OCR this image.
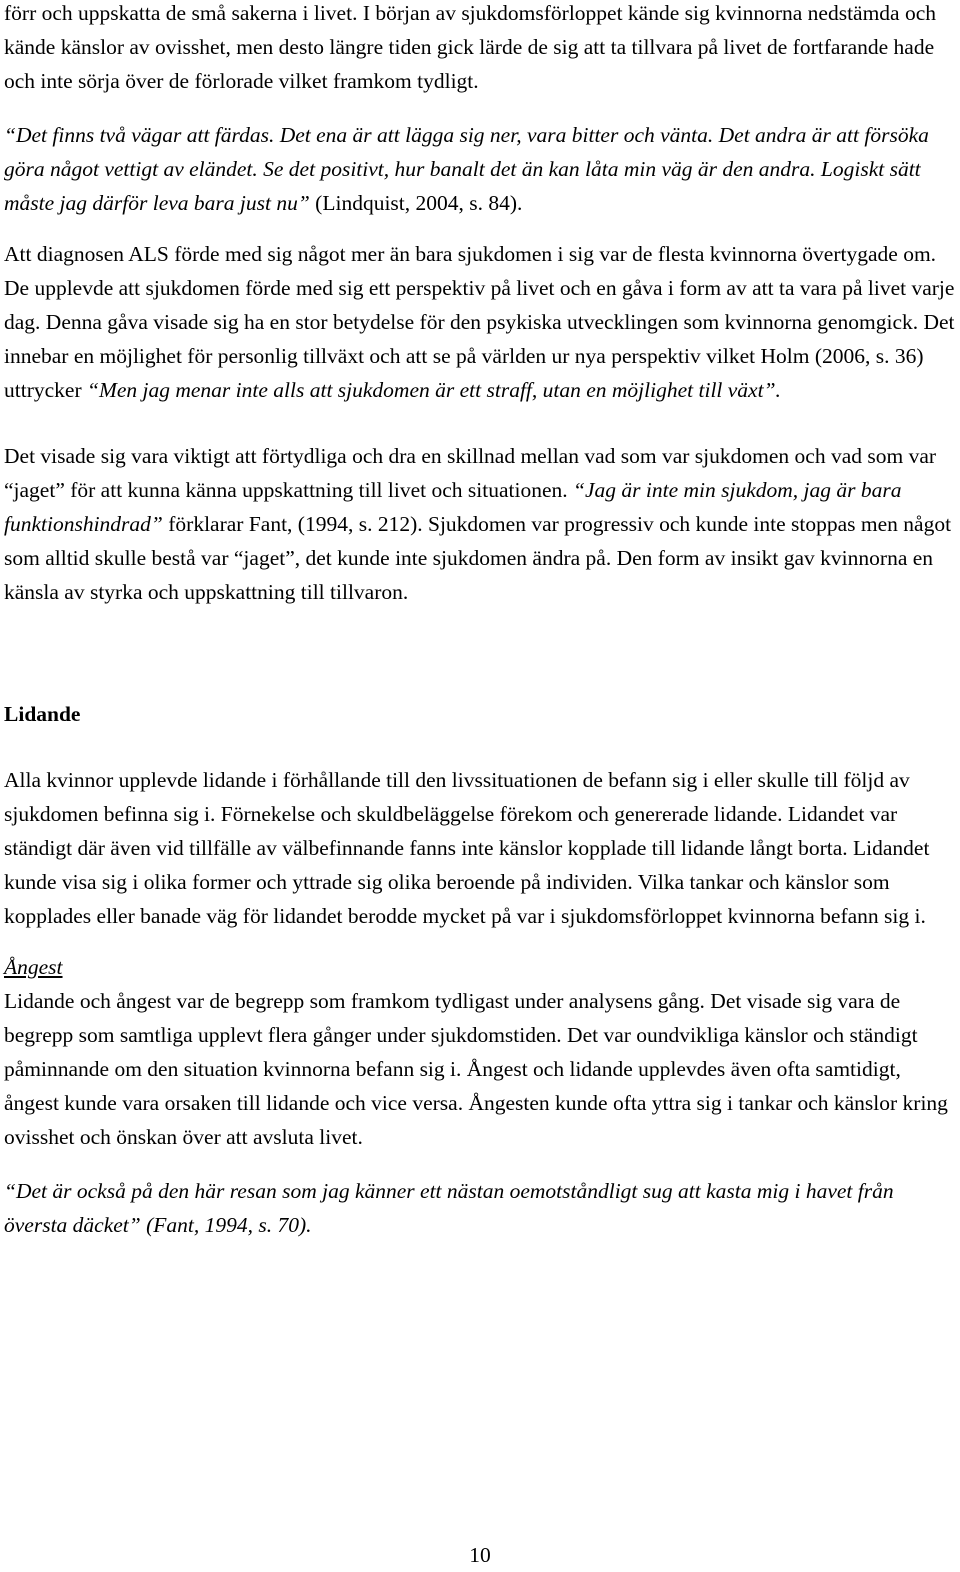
förr och uppskatta de små sakerna i livet. I början av sjukdomsförloppet kände sig kvinnorna nedstämda och kände känslor av ovisshet, men desto längre tiden gick lärde de sig att ta tillvara på livet de fortfarande hade och inte sörja över de förlorade vilket framkom tydligt.

“Det finns två vägar att färdas. Det ena är att lägga sig ner, vara bitter och vänta. Det andra är att försöka göra något vettigt av eländet. Se det positivt, hur banalt det än kan låta min väg är den andra. Logiskt sätt måste jag därför leva bara just nu” (Lindquist, 2004, s. 84).

Att diagnosen ALS förde med sig något mer än bara sjukdomen i sig var de flesta kvinnorna övertygade om. De upplevde att sjukdomen förde med sig ett perspektiv på livet och en gåva i form av att ta vara på livet varje dag. Denna gåva visade sig ha en stor betydelse för den psykiska utvecklingen som kvinnorna genomgick. Det innebar en möjlighet för personlig tillväxt och att se på världen ur nya perspektiv vilket Holm (2006, s. 36) uttrycker “Men jag menar inte alls att sjukdomen är ett straff, utan en möjlighet till växt”.

Det visade sig vara viktigt att förtydliga och dra en skillnad mellan vad som var sjukdomen och vad som var “jaget” för att kunna känna uppskattning till livet och situationen. “Jag är inte min sjukdom, jag är bara funktionshindrad” förklarar Fant, (1994, s. 212). Sjukdomen var progressiv och kunde inte stoppas men något som alltid skulle bestå var “jaget”, det kunde inte sjukdomen ändra på. Den form av insikt gav kvinnorna en känsla av styrka och uppskattning till tillvaron.

Lidande

Alla kvinnor upplevde lidande i förhållande till den livssituationen de befann sig i eller skulle till följd av sjukdomen befinna sig i. Förnekelse och skuldbeläggelse förekom och genererade lidande. Lidandet var ständigt där även vid tillfälle av välbefinnande fanns inte känslor kopplade till lidande långt borta. Lidandet kunde visa sig i olika former och yttrade sig olika beroende på individen. Vilka tankar och känslor som kopplades eller banade väg för lidandet berodde mycket på var i sjukdomsförloppet kvinnorna befann sig i.

Ångest

Lidande och ångest var de begrepp som framkom tydligast under analysens gång. Det visade sig vara de begrepp som samtliga upplevt flera gånger under sjukdomstiden. Det var oundvikliga känslor och ständigt påminnande om den situation kvinnorna befann sig i. Ångest och lidande upplevdes även ofta samtidigt, ångest kunde vara orsaken till lidande och vice versa. Ångesten kunde ofta yttra sig i tankar och känslor kring ovisshet och önskan över att avsluta livet.

“Det är också på den här resan som jag känner ett nästan oemotståndligt sug att kasta mig i havet från översta däcket” (Fant, 1994, s. 70).

10
